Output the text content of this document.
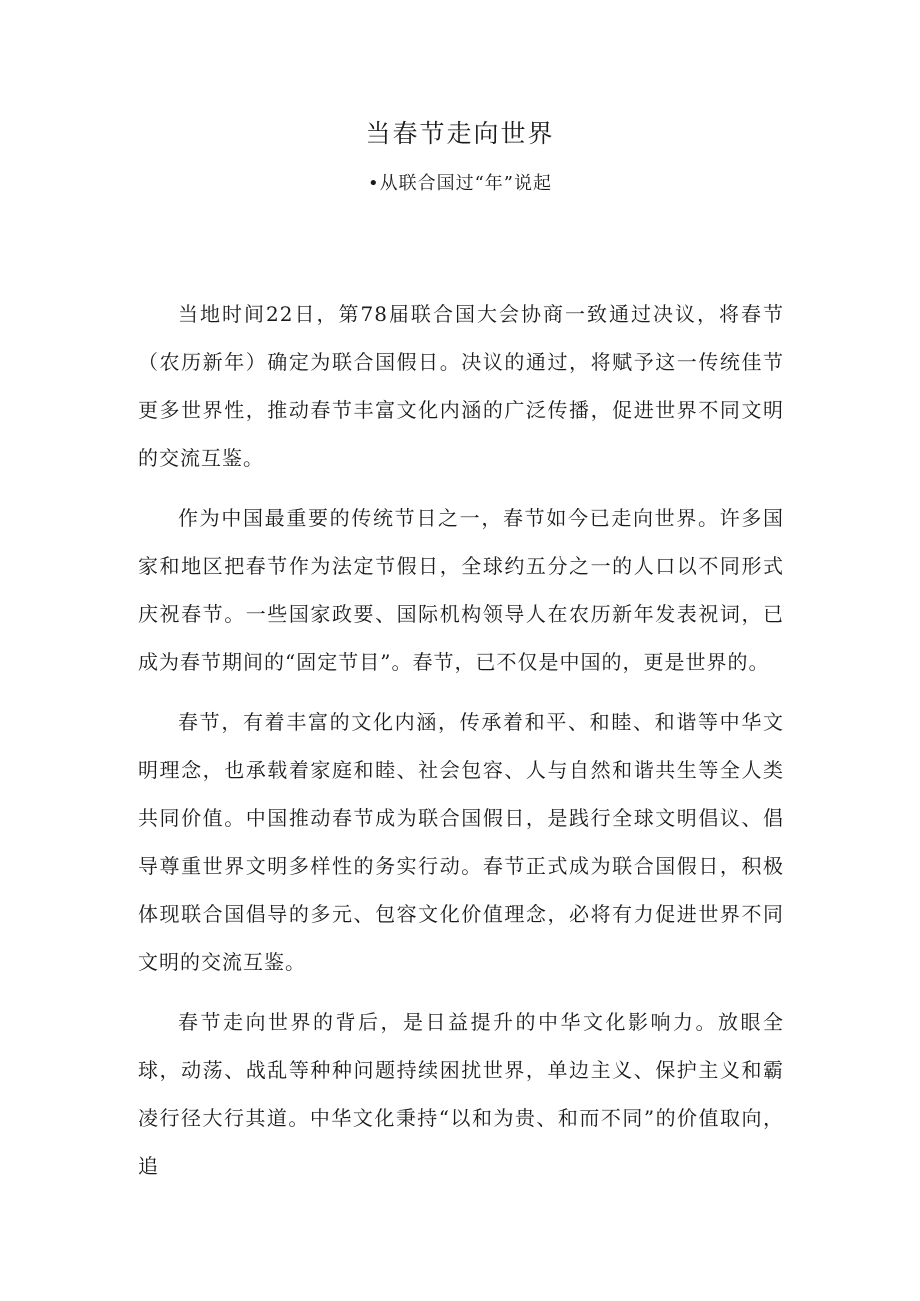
当春节走向世界
•从联合国过“年”说起

当地时间22日，第78届联合国大会协商一致通过决议，将春节（农历新年）确定为联合国假日。决议的通过，将赋予这一传统佳节更多世界性，推动春节丰富文化内涵的广泛传播，促进世界不同文明的交流互鉴。

作为中国最重要的传统节日之一，春节如今已走向世界。许多国家和地区把春节作为法定节假日，全球约五分之一的人口以不同形式庆祝春节。一些国家政要、国际机构领导人在农历新年发表祝词，已成为春节期间的“固定节目”。春节，已不仅是中国的，更是世界的。

春节，有着丰富的文化内涵，传承着和平、和睦、和谐等中华文明理念，也承载着家庭和睦、社会包容、人与自然和谐共生等全人类共同价值。中国推动春节成为联合国假日，是践行全球文明倡议、倡导尊重世界文明多样性的务实行动。春节正式成为联合国假日，积极体现联合国倡导的多元、包容文化价值理念，必将有力促进世界不同文明的交流互鉴。

春节走向世界的背后，是日益提升的中华文化影响力。放眼全球，动荡、战乱等种种问题持续困扰世界，单边主义、保护主义和霸凌行径大行其道。中华文化秉持“以和为贵、和而不同”的价值取向，追
